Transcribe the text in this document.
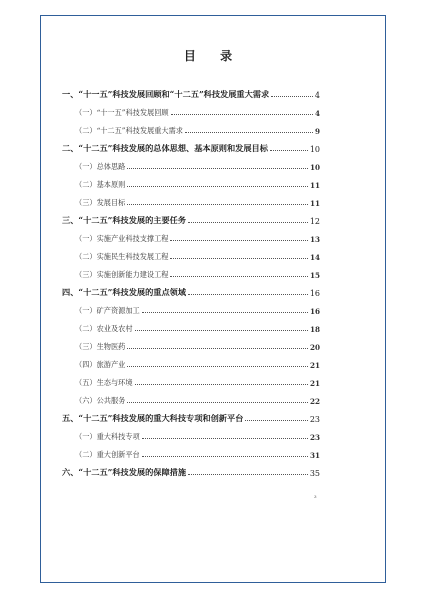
目 录
一、“十一五”科技发展回顾和“十二五”科技发展重大需求	4
（一）“十一五”科技发展回顾	4
（二）“十二五”科技发展重大需求	9
二、“十二五”科技发展的总体思想、基本原则和发展目标	10
（一）总体思路	10
（二）基本原则	11
（三）发展目标	11
三、“十二五”科技发展的主要任务	12
（一）实施产业科技支撑工程	13
（二）实施民生科技发展工程	14
（三）实施创新能力建设工程	15
四、“十二五”科技发展的重点领域	16
（一）矿产资源加工	16
（二）农业及农村	18
（三）生物医药	20
（四）旅游产业	21
（五）生态与环境	21
（六）公共服务	22
五、“十二五”科技发展的重大科技专项和创新平台	23
（一）重大科技专项	23
（二）重大创新平台	31
六、“十二五”科技发展的保障措施	35
3
